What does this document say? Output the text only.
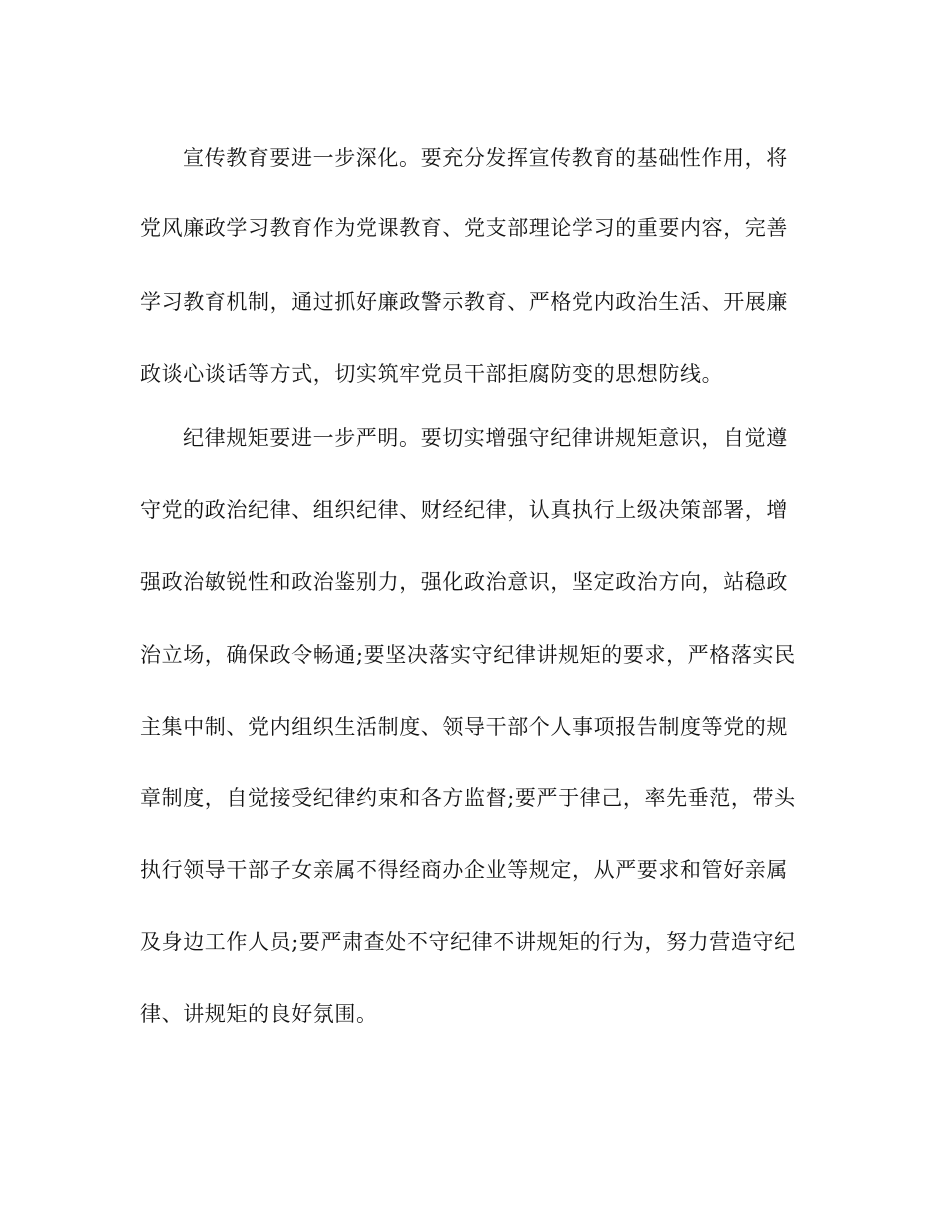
宣传教育要进一步深化。要充分发挥宣传教育的基础性作用，将
党风廉政学习教育作为党课教育、党支部理论学习的重要内容，完善
学习教育机制，通过抓好廉政警示教育、严格党内政治生活、开展廉
政谈心谈话等方式，切实筑牢党员干部拒腐防变的思想防线。
纪律规矩要进一步严明。要切实增强守纪律讲规矩意识，自觉遵
守党的政治纪律、组织纪律、财经纪律，认真执行上级决策部署，增
强政治敏锐性和政治鉴别力，强化政治意识，坚定政治方向，站稳政
治立场，确保政令畅通;要坚决落实守纪律讲规矩的要求，严格落实民
主集中制、党内组织生活制度、领导干部个人事项报告制度等党的规
章制度，自觉接受纪律约束和各方监督;要严于律己，率先垂范，带头
执行领导干部子女亲属不得经商办企业等规定，从严要求和管好亲属
及身边工作人员;要严肃查处不守纪律不讲规矩的行为，努力营造守纪
律、讲规矩的良好氛围。
